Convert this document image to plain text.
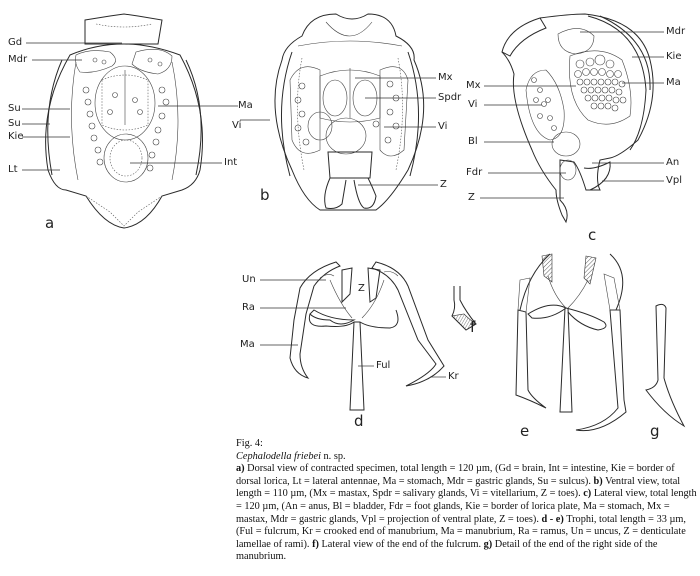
Gd
Mdr
Su
Su
Kie
Lt
Ma
Vi
Int
a
Mx
Spdr
Vi
Z
b
Mdr
Kie
Ma
An
Vpl
Mx
Vi
Bl
Fdr
Z
c
Un
Ra
Ma
Z
Ful
Kr
d
f
e	g

Fig. 4:

Cephalodella friebei n. sp.

a) Dorsal view of contracted specimen, total length = 120 µm, (Gd = brain, Int = intestine, Kie = border of dorsal lorica, Lt = lateral antennae, Ma = stomach, Mdr = gastric glands, Su = sulcus). b) Ventral view, total length = 110 µm, (Mx = mastax, Spdr = salivary glands, Vi = vitellarium, Z = toes). c) Lateral view, total length = 120 µm, (An = anus, Bl = bladder, Fdr = foot glands, Kie = border of lorica plate, Ma = stomach, Mx = mastax, Mdr = gastric glands, Vpl = projection of ventral plate, Z = toes). d - e) Trophi, total length = 33 µm, (Ful = fulcrum, Kr = crooked end of manubrium, Ma = manubrium, Ra = ramus, Un = uncus, Z = denticulate lamellae of rami). f) Lateral view of the end of the fulcrum. g) Detail of the end of the right side of the manubrium.
